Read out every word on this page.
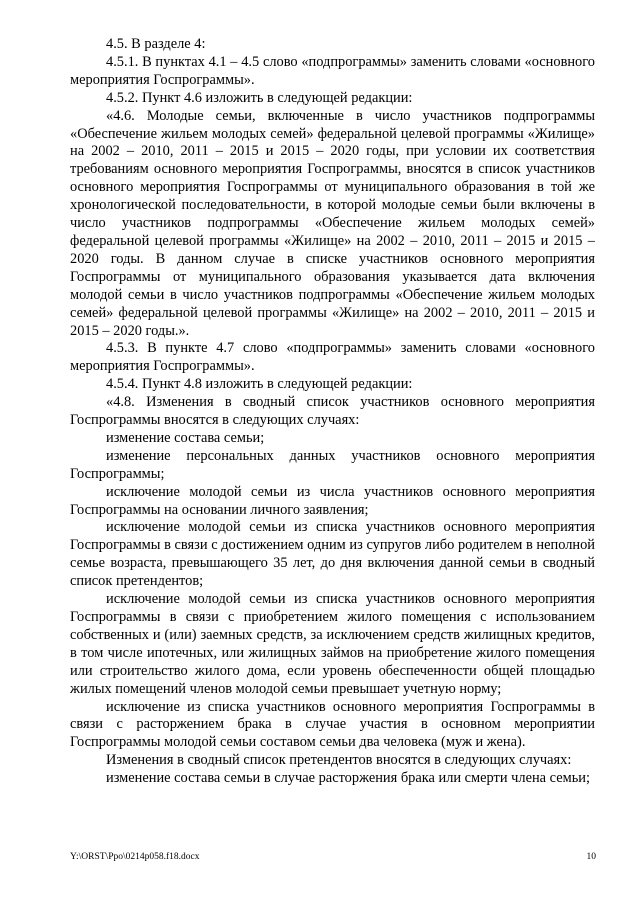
4.5. В разделе 4:

4.5.1. В пунктах 4.1 – 4.5 слово «подпрограммы» заменить словами «основного мероприятия Госпрограммы».

4.5.2. Пункт 4.6 изложить в следующей редакции:

«4.6. Молодые семьи, включенные в число участников подпрограммы «Обеспечение жильем молодых семей» федеральной целевой программы «Жилище» на 2002 – 2010, 2011 – 2015 и 2015 – 2020 годы, при условии их соответствия требованиям основного мероприятия Госпрограммы, вносятся в список участников основного мероприятия Госпрограммы от муниципального образования в той же хронологической последовательности, в которой молодые семьи были включены в число участников подпрограммы «Обеспечение жильем молодых семей» федеральной целевой программы «Жилище» на 2002 – 2010, 2011 – 2015 и 2015 – 2020 годы. В данном случае в списке участников основного мероприятия Госпрограммы от муниципального образования указывается дата включения молодой семьи в число участников подпрограммы «Обеспечение жильем молодых семей» федеральной целевой программы «Жилище» на 2002 – 2010, 2011 – 2015 и 2015 – 2020 годы.».

4.5.3. В пункте 4.7 слово «подпрограммы» заменить словами «основного мероприятия Госпрограммы».

4.5.4. Пункт 4.8 изложить в следующей редакции:

«4.8. Изменения в сводный список участников основного мероприятия Госпрограммы вносятся в следующих случаях:

изменение состава семьи;

изменение персональных данных участников основного мероприятия Госпрограммы;

исключение молодой семьи из числа участников основного мероприятия Госпрограммы на основании личного заявления;

исключение молодой семьи из списка участников основного мероприятия Госпрограммы в связи с достижением одним из супругов либо родителем в неполной семье возраста, превышающего 35 лет, до дня включения данной семьи в сводный список претендентов;

исключение молодой семьи из списка участников основного мероприятия Госпрограммы в связи с приобретением жилого помещения с использованием собственных и (или) заемных средств, за исключением средств жилищных кредитов, в том числе ипотечных, или жилищных займов на приобретение жилого помещения или строительство жилого дома, если уровень обеспеченности общей площадью жилых помещений членов молодой семьи превышает учетную норму;

исключение из списка участников основного мероприятия Госпрограммы в связи с расторжением брака в случае участия в основном мероприятии Госпрограммы молодой семьи составом семьи два человека (муж и жена).

Изменения в сводный список претендентов вносятся в следующих случаях:

изменение состава семьи в случае расторжения брака или смерти члена семьи;

Y:\ORST\Ppo\0214p058.f18.docx	10
